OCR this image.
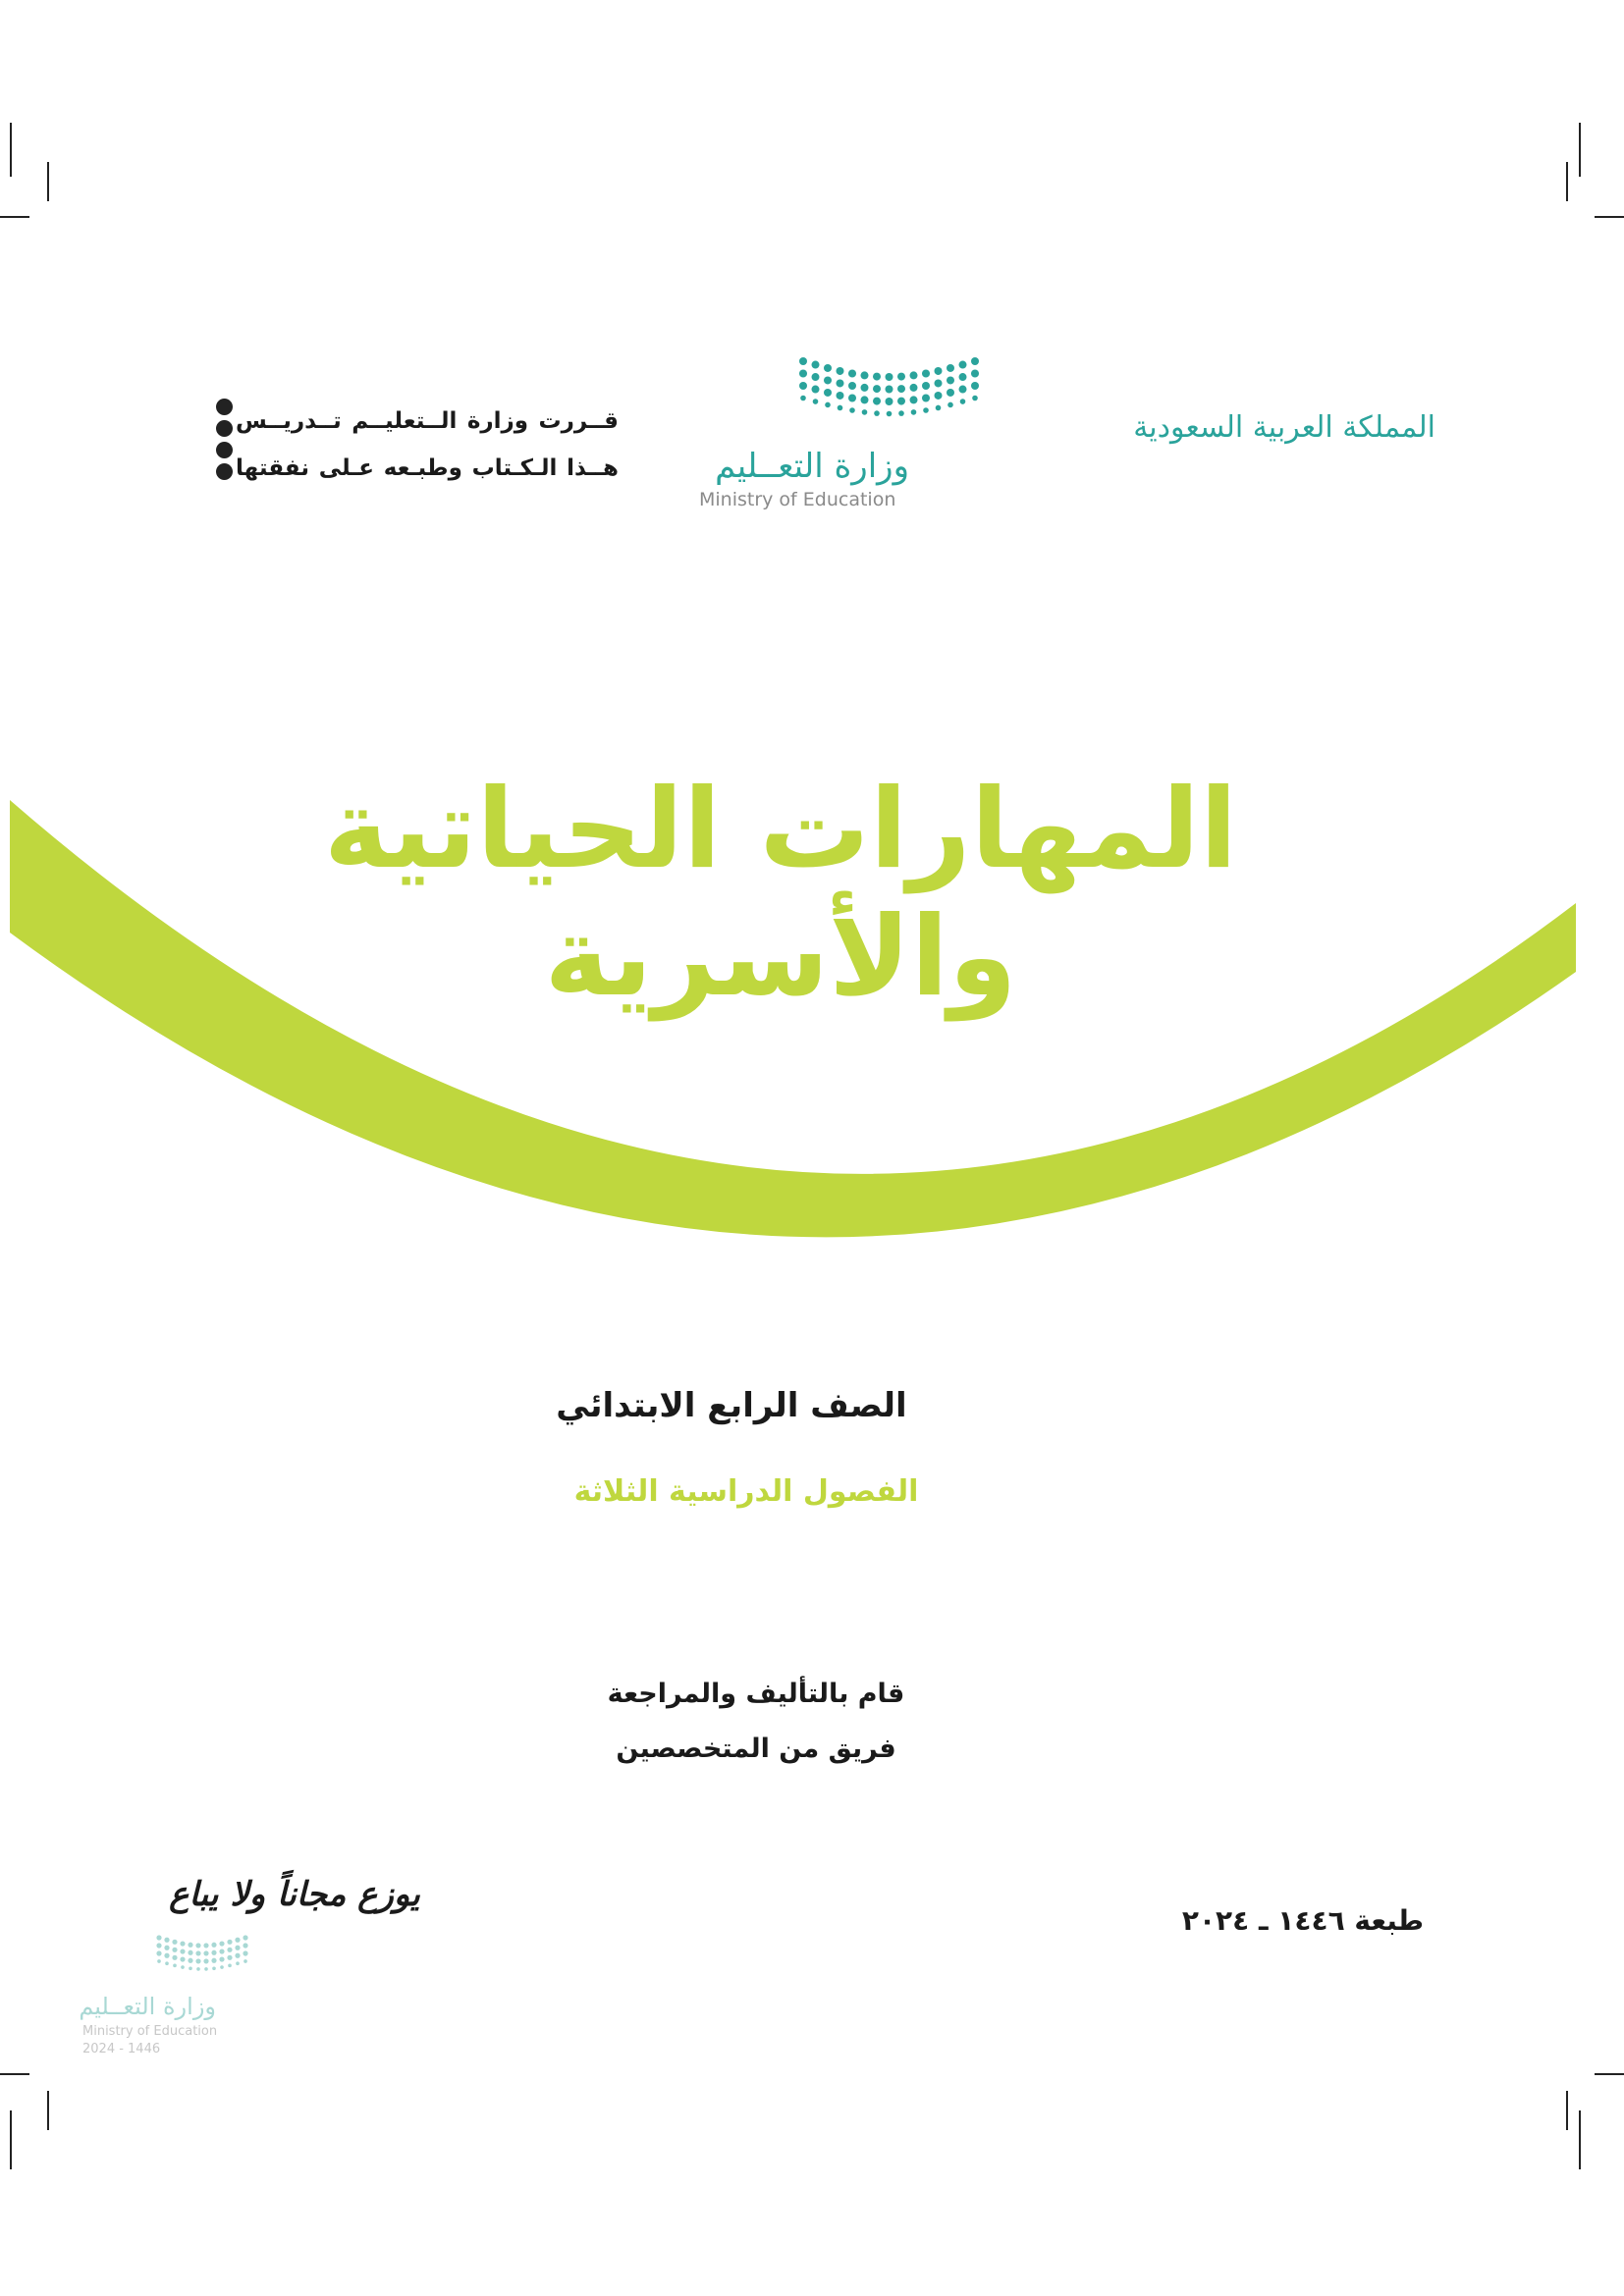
المملكة العربية السعودية
وزارة التعــليم
Ministry of Education
قــررت وزارة الــتعليــم تــدريــس
هــذا الـكـتاب وطبـعه عـلى نفقتها
المهارات الحياتية والأسرية
الصف الرابع الابتدائي
الفصول الدراسية الثلاثة
قام بالتأليف والمراجعة
فريق من المتخصصين
طبعة ١٤٤٦ ـ ٢٠٢٤
يوزع مجاناً ولا يباع
وزارة التعــليم
Ministry of Education
2024 - 1446
